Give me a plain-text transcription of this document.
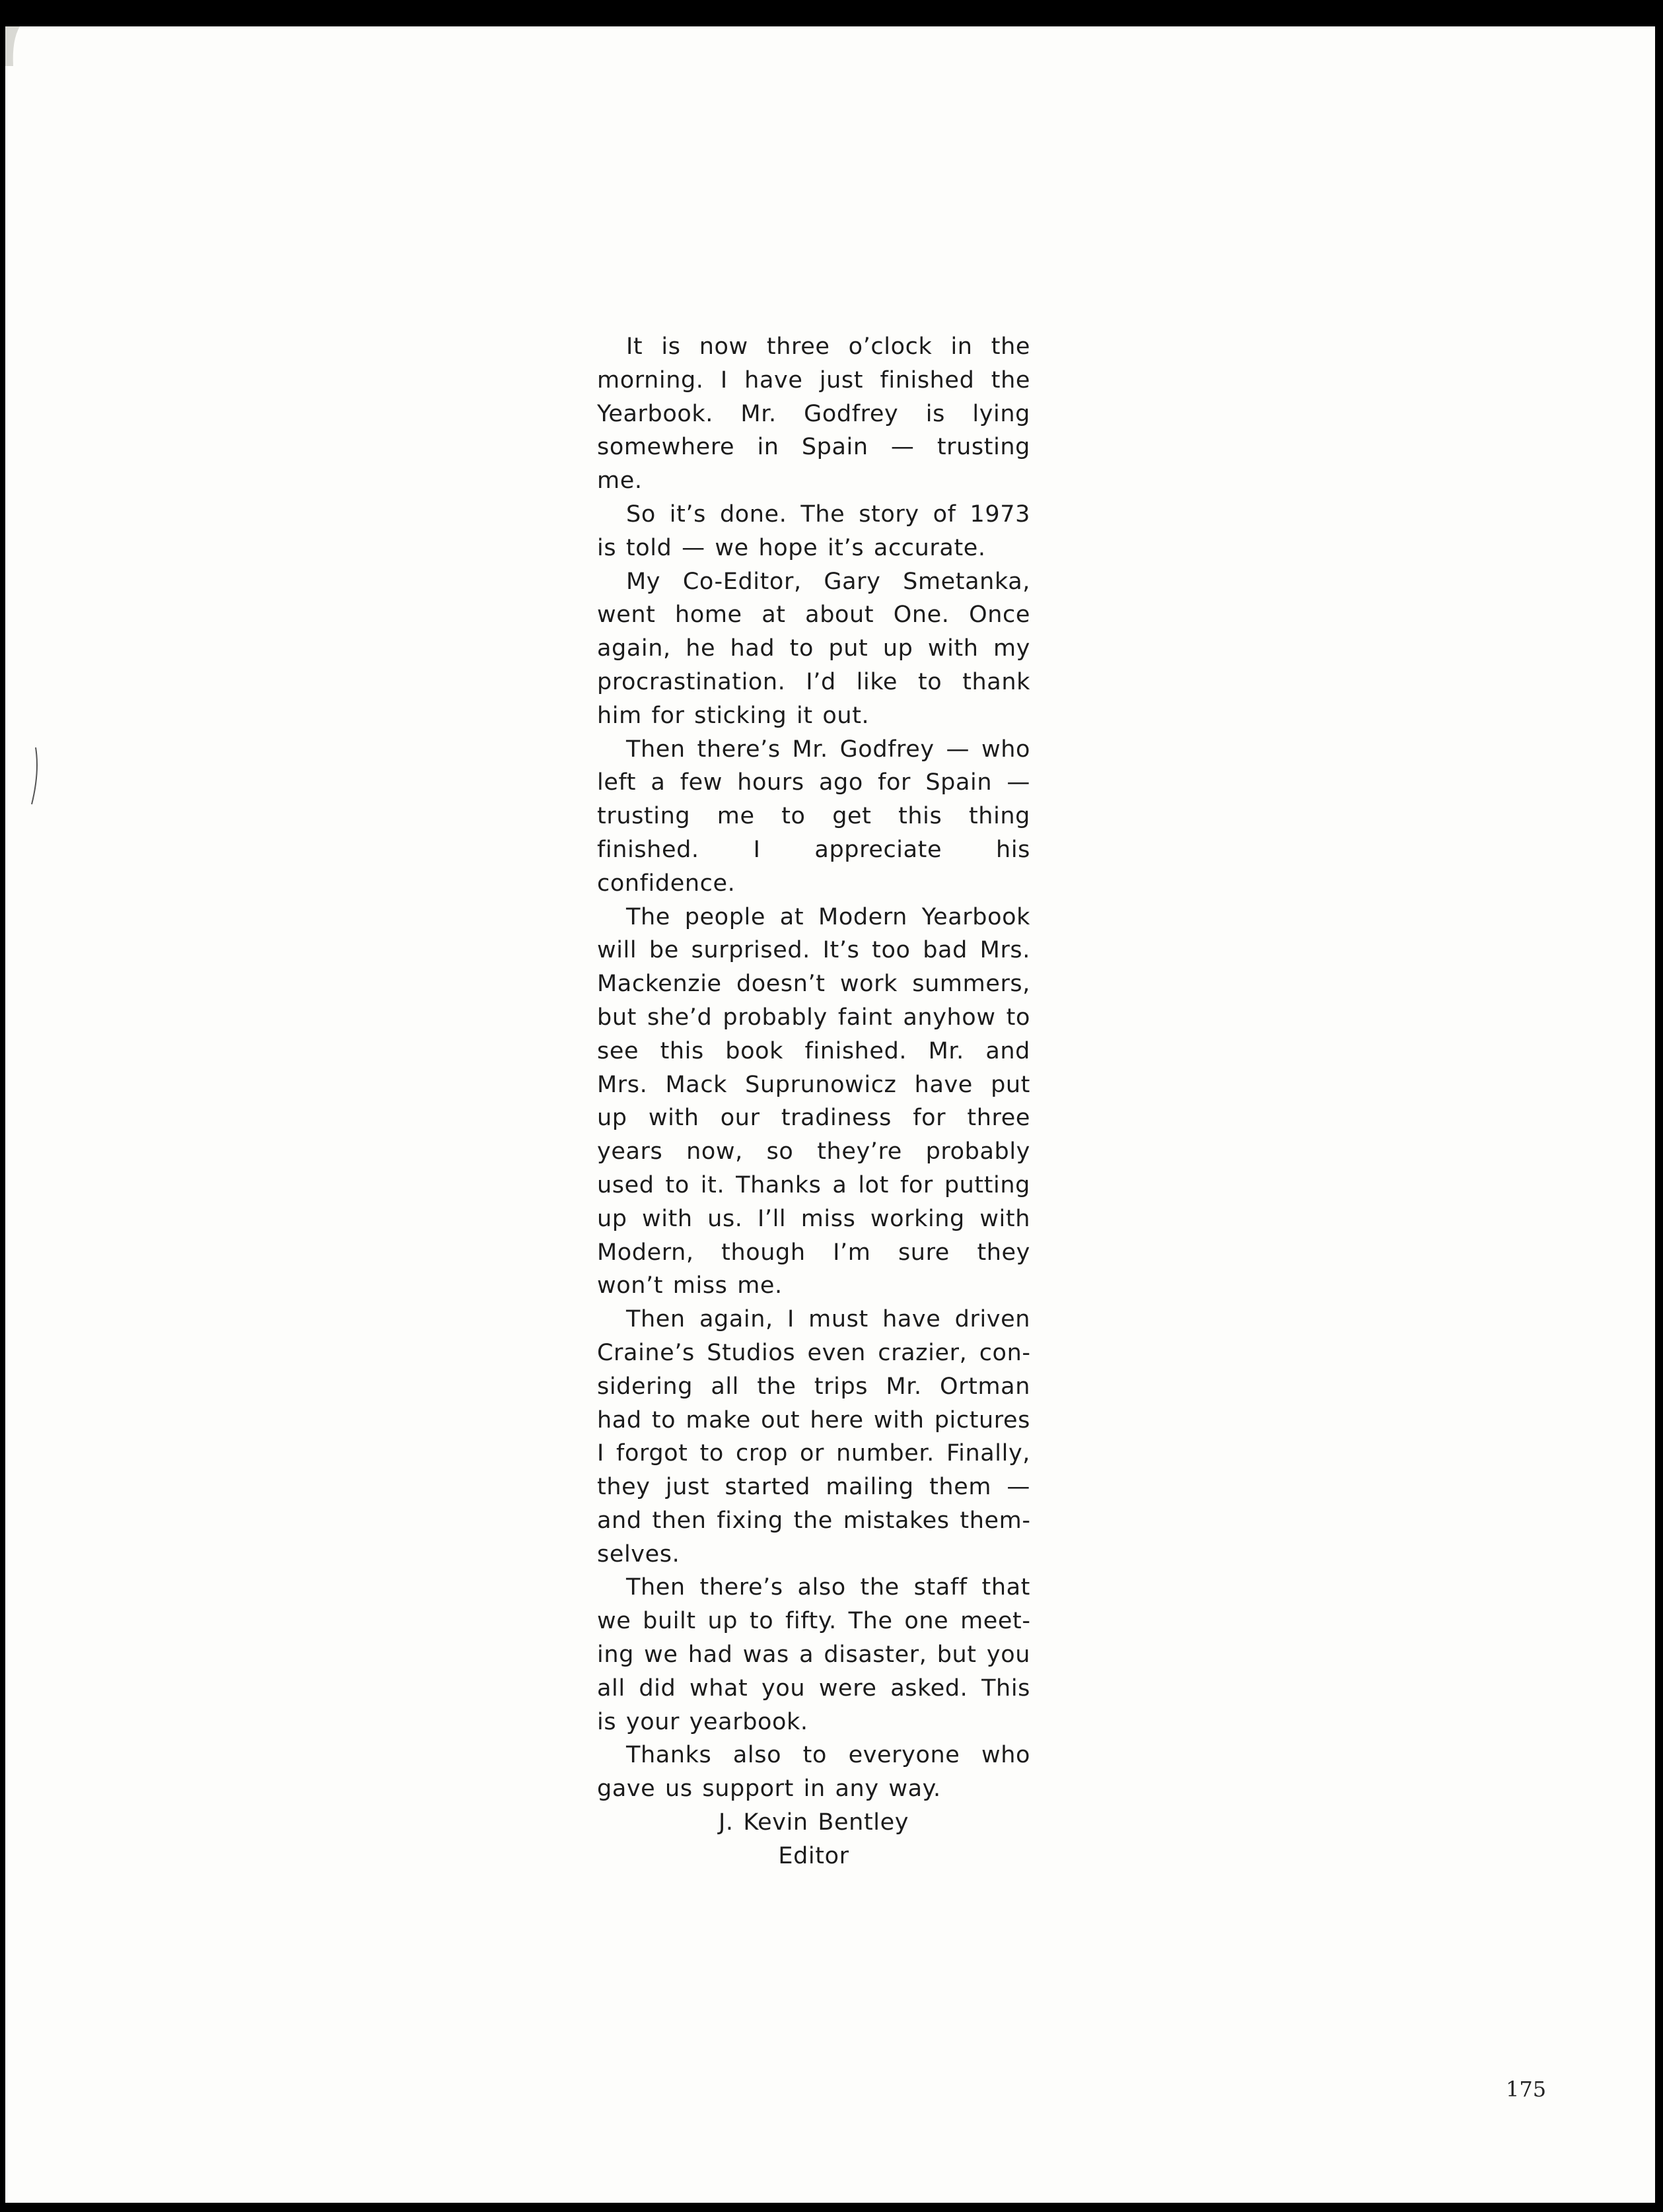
It is now three o’clock in the morning. I have just finished the Yearbook. Mr. Godfrey is lying somewhere in Spain — trusting me.

So it’s done. The story of 1973 is told — we hope it’s accurate.

My Co-Editor, Gary Smetanka, went home at about One. Once again, he had to put up with my procrastination. I’d like to thank him for sticking it out.

Then there’s Mr. Godfrey — who left a few hours ago for Spain — trusting me to get this thing finished. I appreciate his confidence.

The people at Modern Yearbook will be surprised. It’s too bad Mrs. Mackenzie doesn’t work summers, but she’d probably faint anyhow to see this book finished. Mr. and Mrs. Mack Suprunowicz have put up with our tradiness for three years now, so they’re probably used to it. Thanks a lot for putting up with us. I’ll miss working with Modern, though I’m sure they won’t miss me.

Then again, I must have driven Craine’s Studios even crazier, considering all the trips Mr. Ortman had to make out here with pictures I forgot to crop or number. Finally, they just started mailing them — and then fixing the mistakes themselves.

Then there’s also the staff that we built up to fifty. The one meeting we had was a disaster, but you all did what you were asked. This is your yearbook.

Thanks also to everyone who gave us support in any way.

J. Kevin Bentley

Editor

175
